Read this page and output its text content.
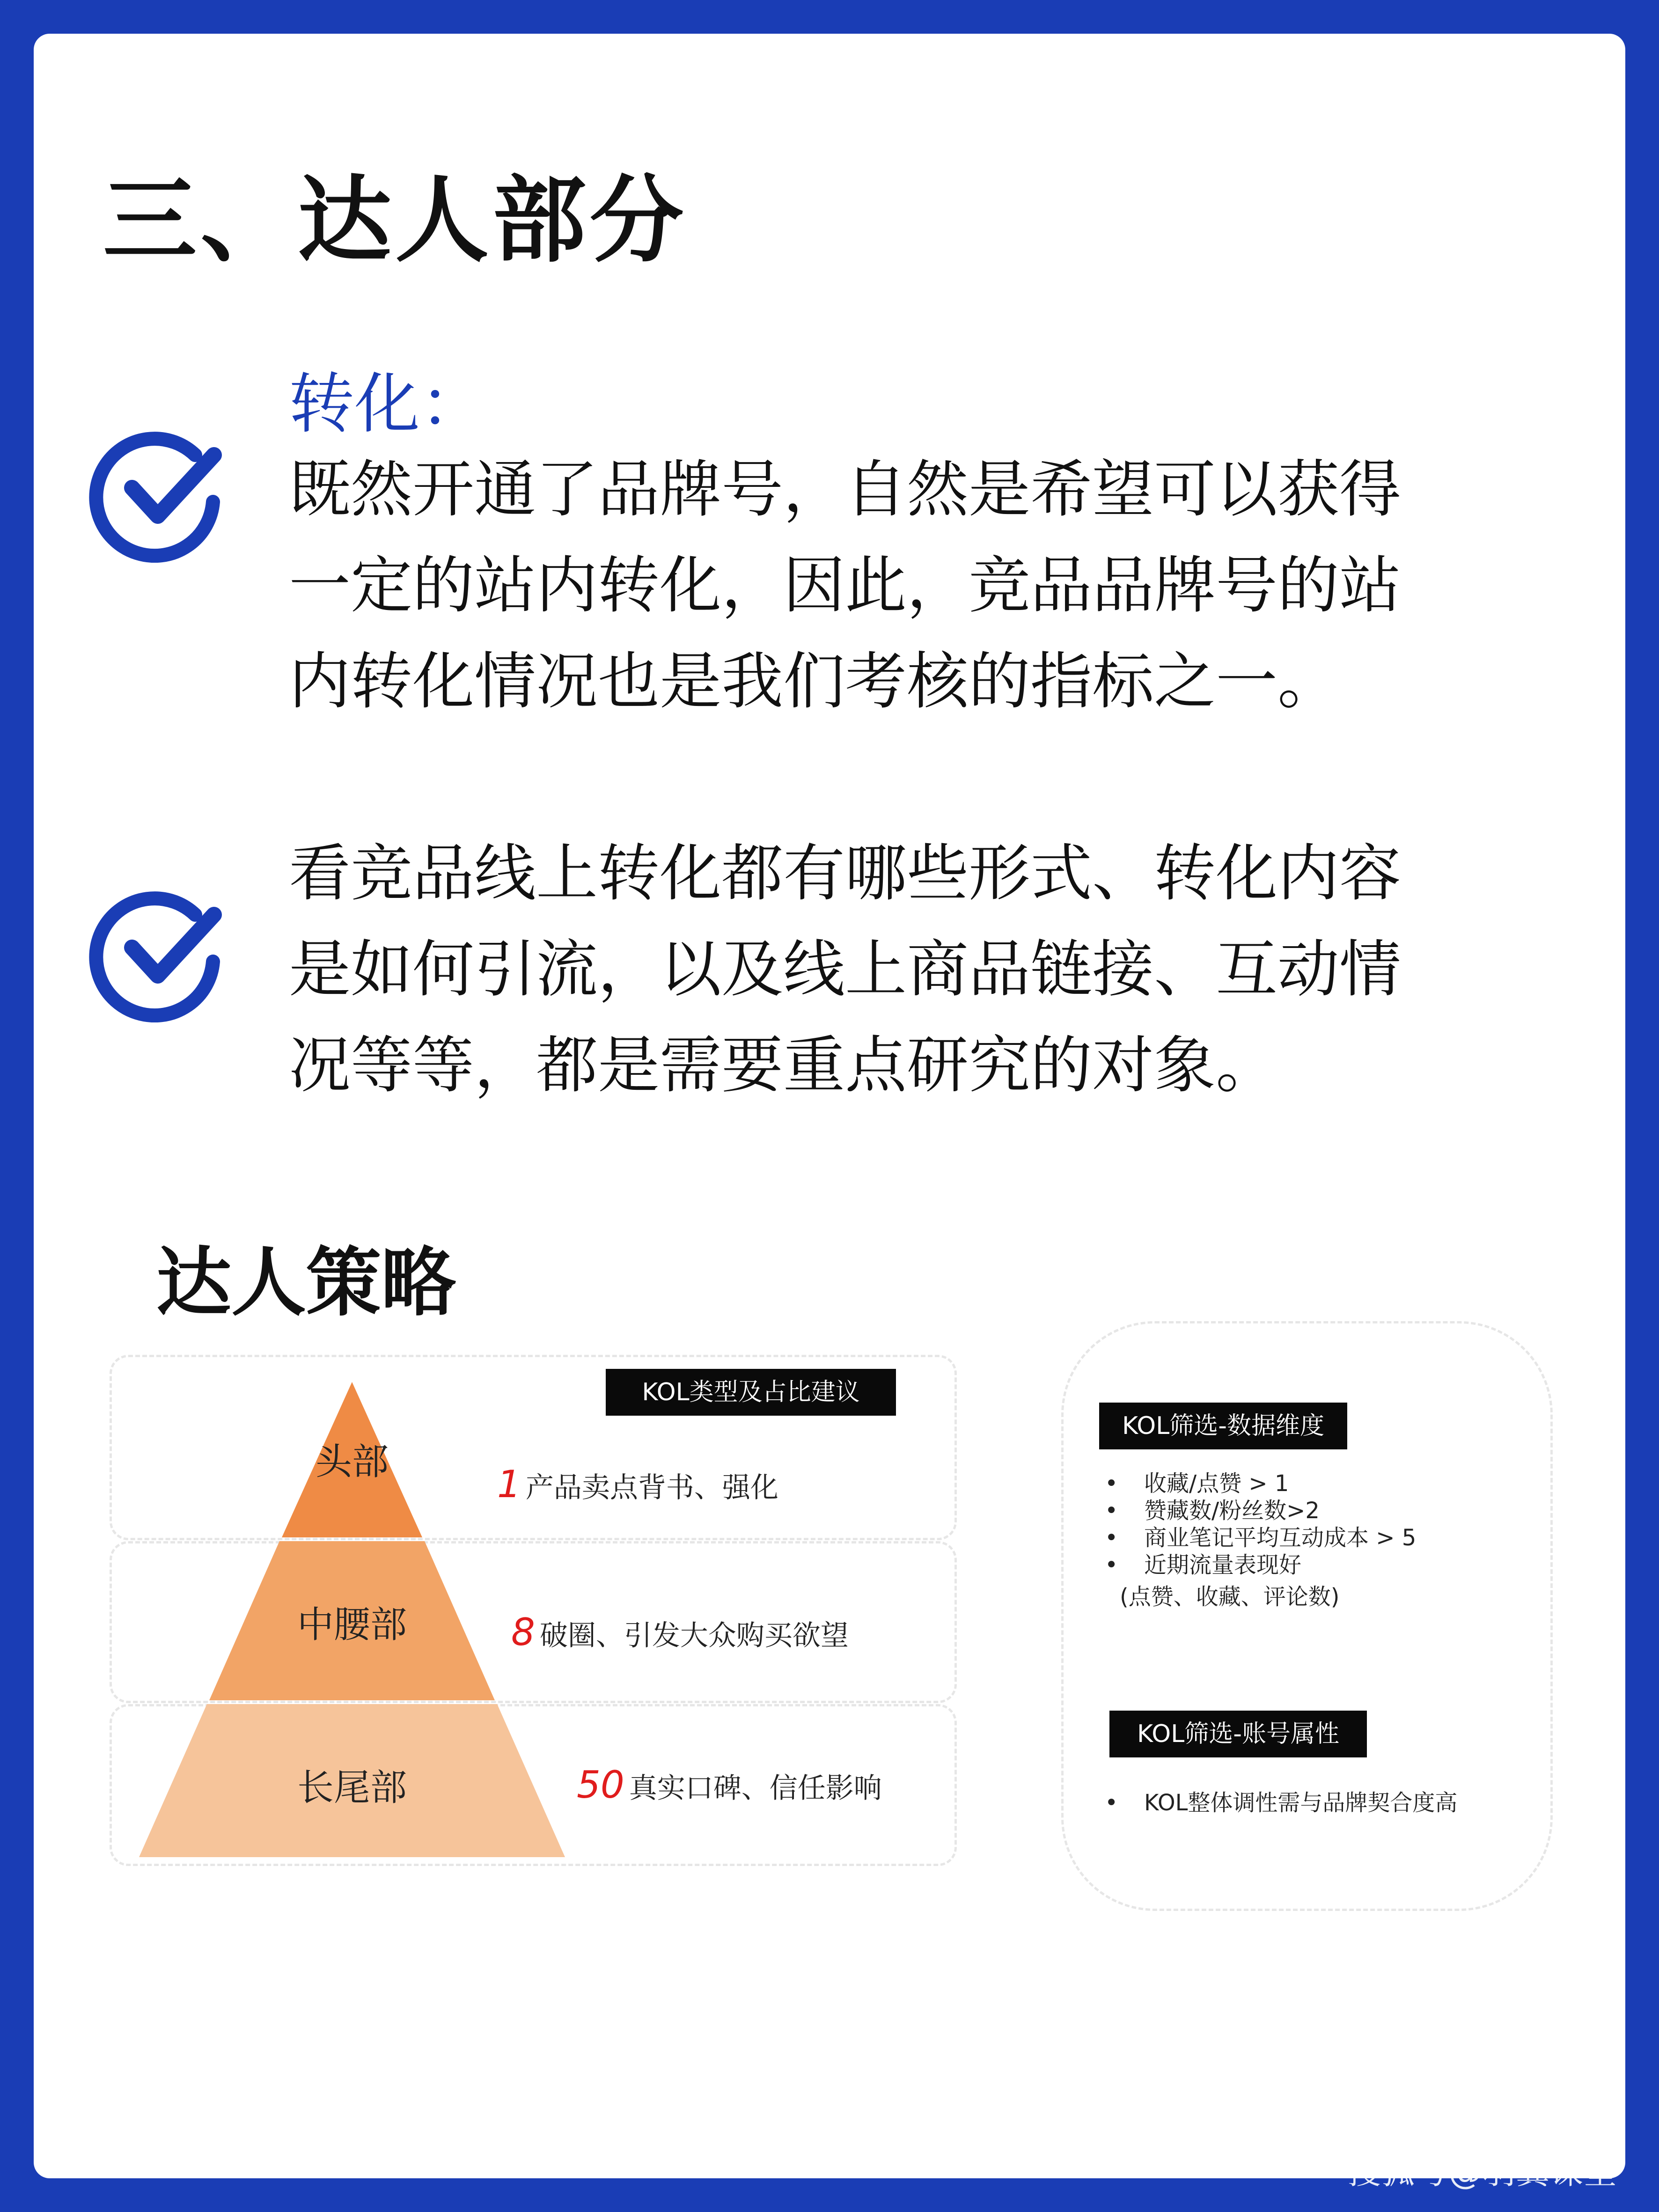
三、达人部分
转化：
既然开通了品牌号，自然是希望可以获得
一定的站内转化，因此，竞品品牌号的站
内转化情况也是我们考核的指标之一。
看竞品线上转化都有哪些形式、转化内容
是如何引流，以及线上商品链接、互动情
况等等，都是需要重点研究的对象。
达人策略
头部
中腰部
长尾部
KOL类型及占比建议
1 产品卖点背书、强化
8 破圈、引发大众购买欲望
50 真实口碑、信任影响
KOL筛选-数据维度
• 收藏/点赞 > 1
• 赞藏数/粉丝数>2
• 商业笔记平均互动成本 > 5
• 近期流量表现好
(点赞、收藏、评论数)
KOL筛选-账号属性
• KOL整体调性需与品牌契合度高
搜狐号@羽翼课堂
